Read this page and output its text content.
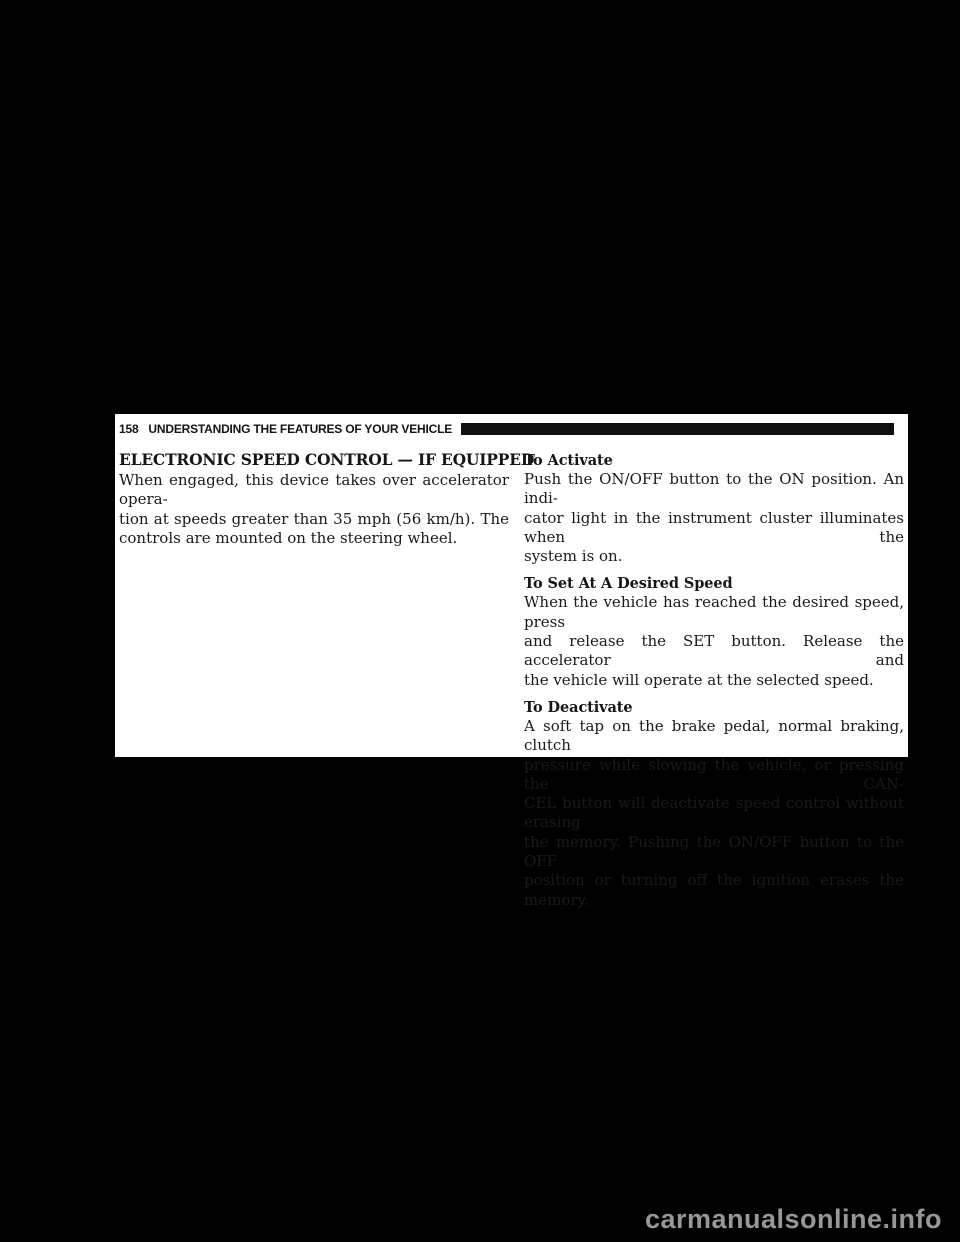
158 UNDERSTANDING THE FEATURES OF YOUR VEHICLE
ELECTRONIC SPEED CONTROL — IF EQUIPPED
When engaged, this device takes over accelerator opera-
tion at speeds greater than 35 mph (56 km/h). The
controls are mounted on the steering wheel.
To Activate
Push the ON/OFF button to the ON position. An indi-
cator light in the instrument cluster illuminates when the
system is on.
To Set At A Desired Speed
When the vehicle has reached the desired speed, press
and release the SET button. Release the accelerator and
the vehicle will operate at the selected speed.
To Deactivate
A soft tap on the brake pedal, normal braking, clutch
pressure while slowing the vehicle, or pressing the CAN-
CEL button will deactivate speed control without erasing
the memory. Pushing the ON/OFF button to the OFF
position or turning off the ignition erases the memory.
carmanualsonline.info
